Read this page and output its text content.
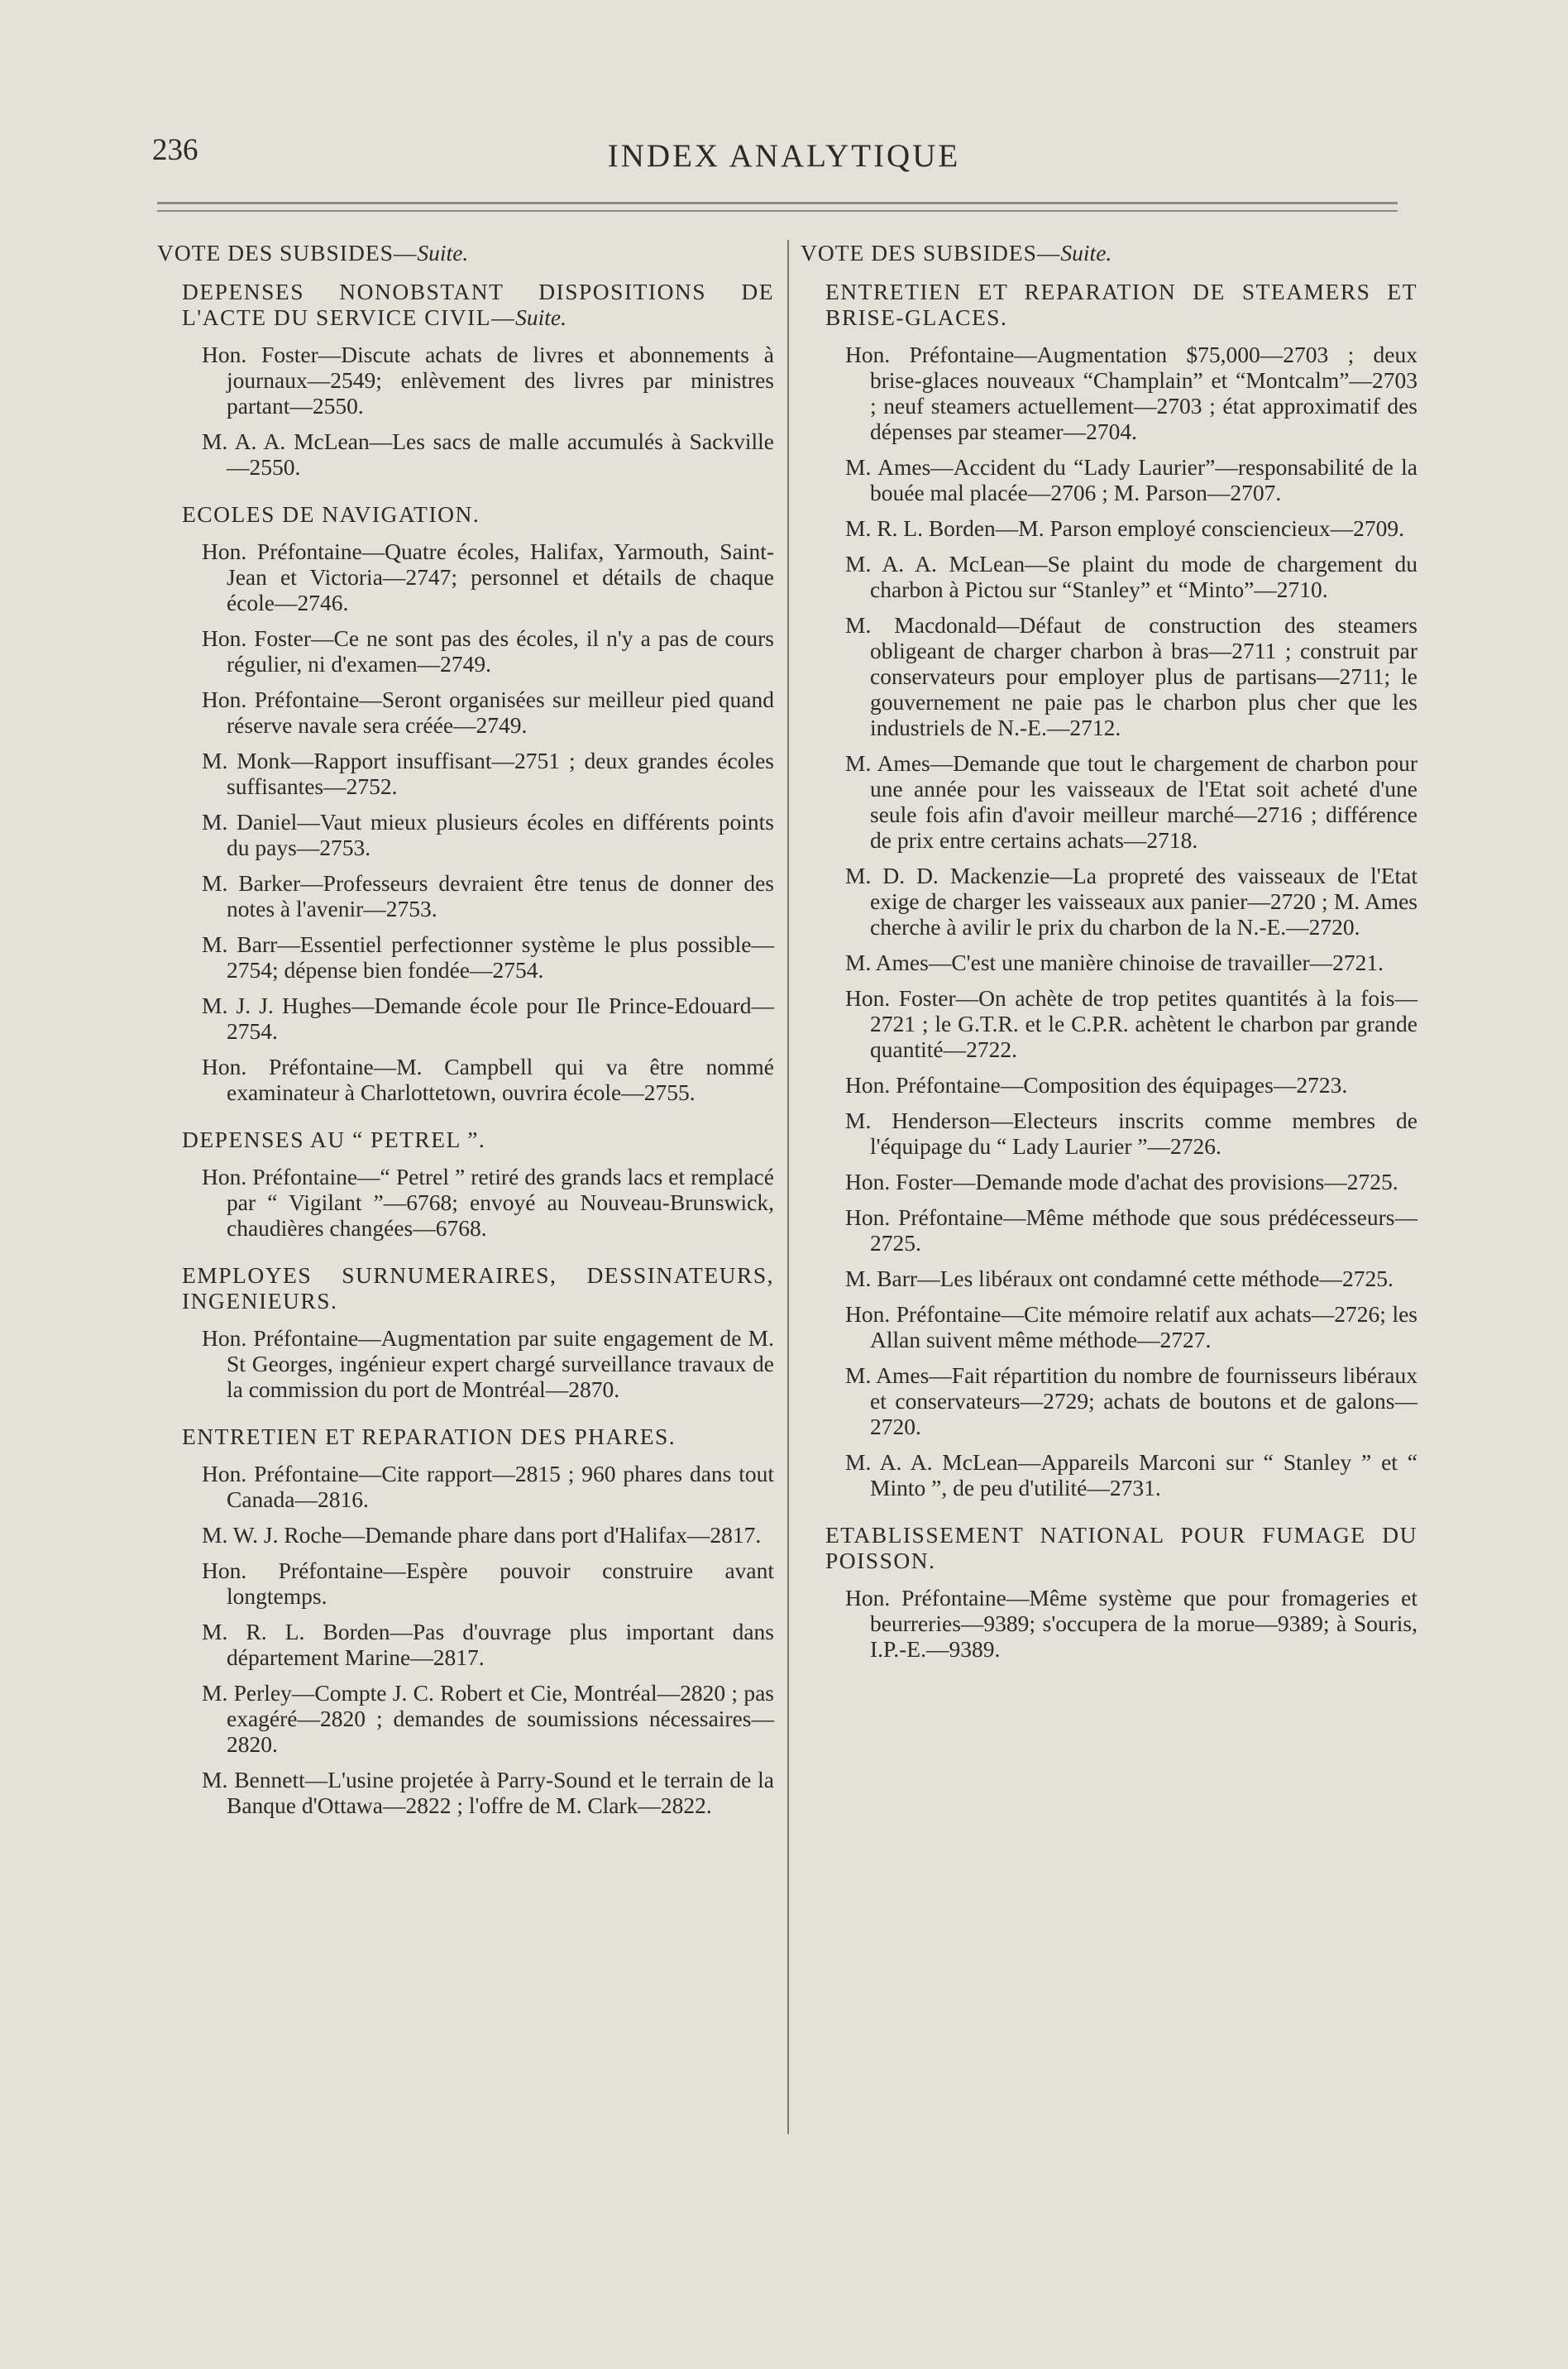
236	INDEX ANALYTIQUE
VOTE DES SUBSIDES—Suite.
DEPENSES NONOBSTANT DISPOSITIONS DE L'ACTE DU SERVICE CIVIL—Suite.
Hon. Foster—Discute achats de livres et abonnements à journaux—2549; enlèvement des livres par ministres partant—2550.
M. A. A. McLean—Les sacs de malle accumulés à Sackville—2550.
ECOLES DE NAVIGATION.
Hon. Préfontaine—Quatre écoles, Halifax, Yarmouth, Saint-Jean et Victoria—2747; personnel et détails de chaque école—2746.
Hon. Foster—Ce ne sont pas des écoles, il n'y a pas de cours régulier, ni d'examen—2749.
Hon. Préfontaine—Seront organisées sur meilleur pied quand réserve navale sera créée—2749.
M. Monk—Rapport insuffisant—2751 ; deux grandes écoles suffisantes—2752.
M. Daniel—Vaut mieux plusieurs écoles en différents points du pays—2753.
M. Barker—Professeurs devraient être tenus de donner des notes à l'avenir—2753.
M. Barr—Essentiel perfectionner système le plus possible—2754; dépense bien fondée—2754.
M. J. J. Hughes—Demande école pour Ile Prince-Edouard—2754.
Hon. Préfontaine—M. Campbell qui va être nommé examinateur à Charlottetown, ouvrira école—2755.
DEPENSES AU “ PETREL ”.
Hon. Préfontaine—“ Petrel ” retiré des grands lacs et remplacé par “ Vigilant ”—6768; envoyé au Nouveau-Brunswick, chaudières changées—6768.
EMPLOYES SURNUMERAIRES, DESSINATEURS, INGENIEURS.
Hon. Préfontaine—Augmentation par suite engagement de M. St Georges, ingénieur expert chargé surveillance travaux de la commission du port de Montréal—2870.
ENTRETIEN ET REPARATION DES PHARES.
Hon. Préfontaine—Cite rapport—2815 ; 960 phares dans tout Canada—2816.
M. W. J. Roche—Demande phare dans port d'Halifax—2817.
Hon. Préfontaine—Espère pouvoir construire avant longtemps.
M. R. L. Borden—Pas d'ouvrage plus important dans département Marine—2817.
M. Perley—Compte J. C. Robert et Cie, Montréal—2820 ; pas exagéré—2820 ; demandes de soumissions nécessaires—2820.
M. Bennett—L'usine projetée à Parry-Sound et le terrain de la Banque d'Ottawa—2822 ; l'offre de M. Clark—2822.
VOTE DES SUBSIDES—Suite.
ENTRETIEN ET REPARATION DE STEAMERS ET BRISE-GLACES.
Hon. Préfontaine—Augmentation $75,000—2703 ; deux brise-glaces nouveaux “Champlain” et “Montcalm”—2703 ; neuf steamers actuellement—2703 ; état approximatif des dépenses par steamer—2704.
M. Ames—Accident du “Lady Laurier”—responsabilité de la bouée mal placée—2706 ; M. Parson—2707.
M. R. L. Borden—M. Parson employé consciencieux—2709.
M. A. A. McLean—Se plaint du mode de chargement du charbon à Pictou sur “Stanley” et “Minto”—2710.
M. Macdonald—Défaut de construction des steamers obligeant de charger charbon à bras—2711 ; construit par conservateurs pour employer plus de partisans—2711; le gouvernement ne paie pas le charbon plus cher que les industriels de N.-E.—2712.
M. Ames—Demande que tout le chargement de charbon pour une année pour les vaisseaux de l'Etat soit acheté d'une seule fois afin d'avoir meilleur marché—2716 ; différence de prix entre certains achats—2718.
M. D. D. Mackenzie—La propreté des vaisseaux de l'Etat exige de charger les vaisseaux aux panier—2720 ; M. Ames cherche à avilir le prix du charbon de la N.-E.—2720.
M. Ames—C'est une manière chinoise de travailler—2721.
Hon. Foster—On achète de trop petites quantités à la fois—2721 ; le G.T.R. et le C.P.R. achètent le charbon par grande quantité—2722.
Hon. Préfontaine—Composition des équipages—2723.
M. Henderson—Electeurs inscrits comme membres de l'équipage du “ Lady Laurier ”—2726.
Hon. Foster—Demande mode d'achat des provisions—2725.
Hon. Préfontaine—Même méthode que sous prédécesseurs—2725.
M. Barr—Les libéraux ont condamné cette méthode—2725.
Hon. Préfontaine—Cite mémoire relatif aux achats—2726; les Allan suivent même méthode—2727.
M. Ames—Fait répartition du nombre de fournisseurs libéraux et conservateurs—2729; achats de boutons et de galons—2720.
M. A. A. McLean—Appareils Marconi sur “ Stanley ” et “ Minto ”, de peu d'utilité—2731.
ETABLISSEMENT NATIONAL POUR FUMAGE DU POISSON.
Hon. Préfontaine—Même système que pour fromageries et beurreries—9389; s'occupera de la morue—9389; à Souris, I.P.-E.—9389.
